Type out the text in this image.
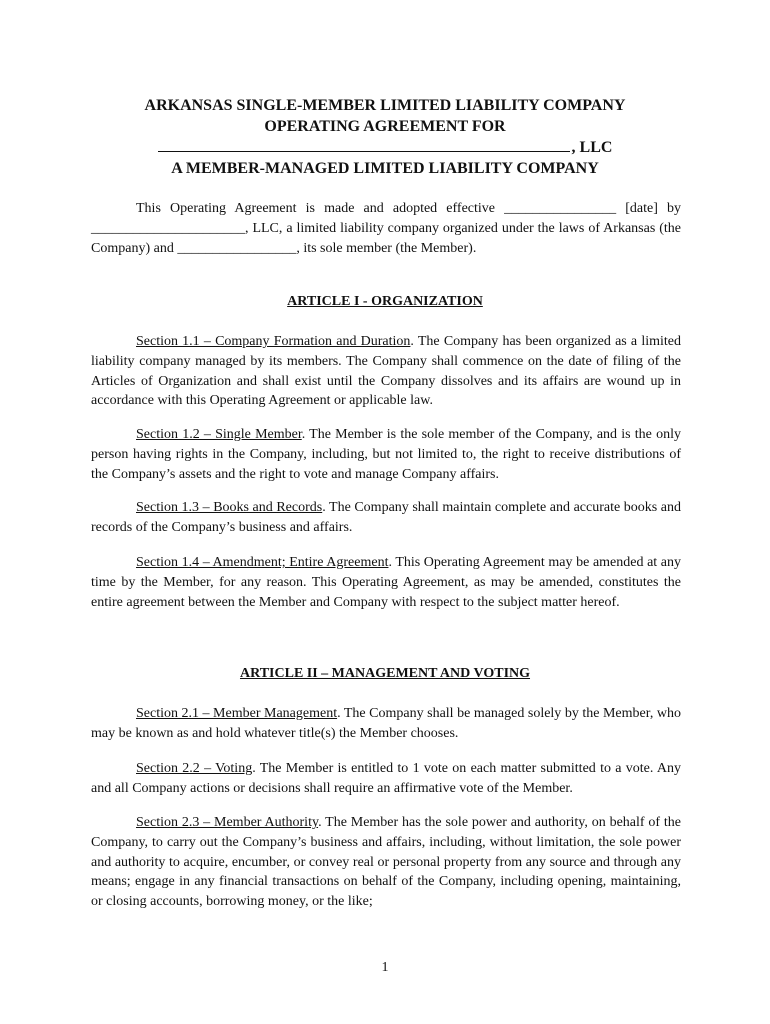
ARKANSAS SINGLE-MEMBER LIMITED LIABILITY COMPANY

OPERATING AGREEMENT FOR

, LLC

A MEMBER-MANAGED LIMITED LIABILITY COMPANY

This Operating Agreement is made and adopted effective ________________ [date] by ______________________, LLC, a limited liability company organized under the laws of Arkansas (the Company) and _________________, its sole member (the Member).

ARTICLE I - ORGANIZATION

Section 1.1 – Company Formation and Duration. The Company has been organized as a limited liability company managed by its members. The Company shall commence on the date of filing of the Articles of Organization and shall exist until the Company dissolves and its affairs are wound up in accordance with this Operating Agreement or applicable law.

Section 1.2 – Single Member. The Member is the sole member of the Company, and is the only person having rights in the Company, including, but not limited to, the right to receive distributions of the Company’s assets and the right to vote and manage Company affairs.

Section 1.3 – Books and Records. The Company shall maintain complete and accurate books and records of the Company’s business and affairs.

Section 1.4 – Amendment; Entire Agreement. This Operating Agreement may be amended at any time by the Member, for any reason. This Operating Agreement, as may be amended, constitutes the entire agreement between the Member and Company with respect to the subject matter hereof.

ARTICLE II – MANAGEMENT AND VOTING

Section 2.1 – Member Management. The Company shall be managed solely by the Member, who may be known as and hold whatever title(s) the Member chooses.

Section 2.2 – Voting. The Member is entitled to 1 vote on each matter submitted to a vote. Any and all Company actions or decisions shall require an affirmative vote of the Member.

Section 2.3 – Member Authority. The Member has the sole power and authority, on behalf of the Company, to carry out the Company’s business and affairs, including, without limitation, the sole power and authority to acquire, encumber, or convey real or personal property from any source and through any means; engage in any financial transactions on behalf of the Company, including opening, maintaining, or closing accounts, borrowing money, or the like;

1
